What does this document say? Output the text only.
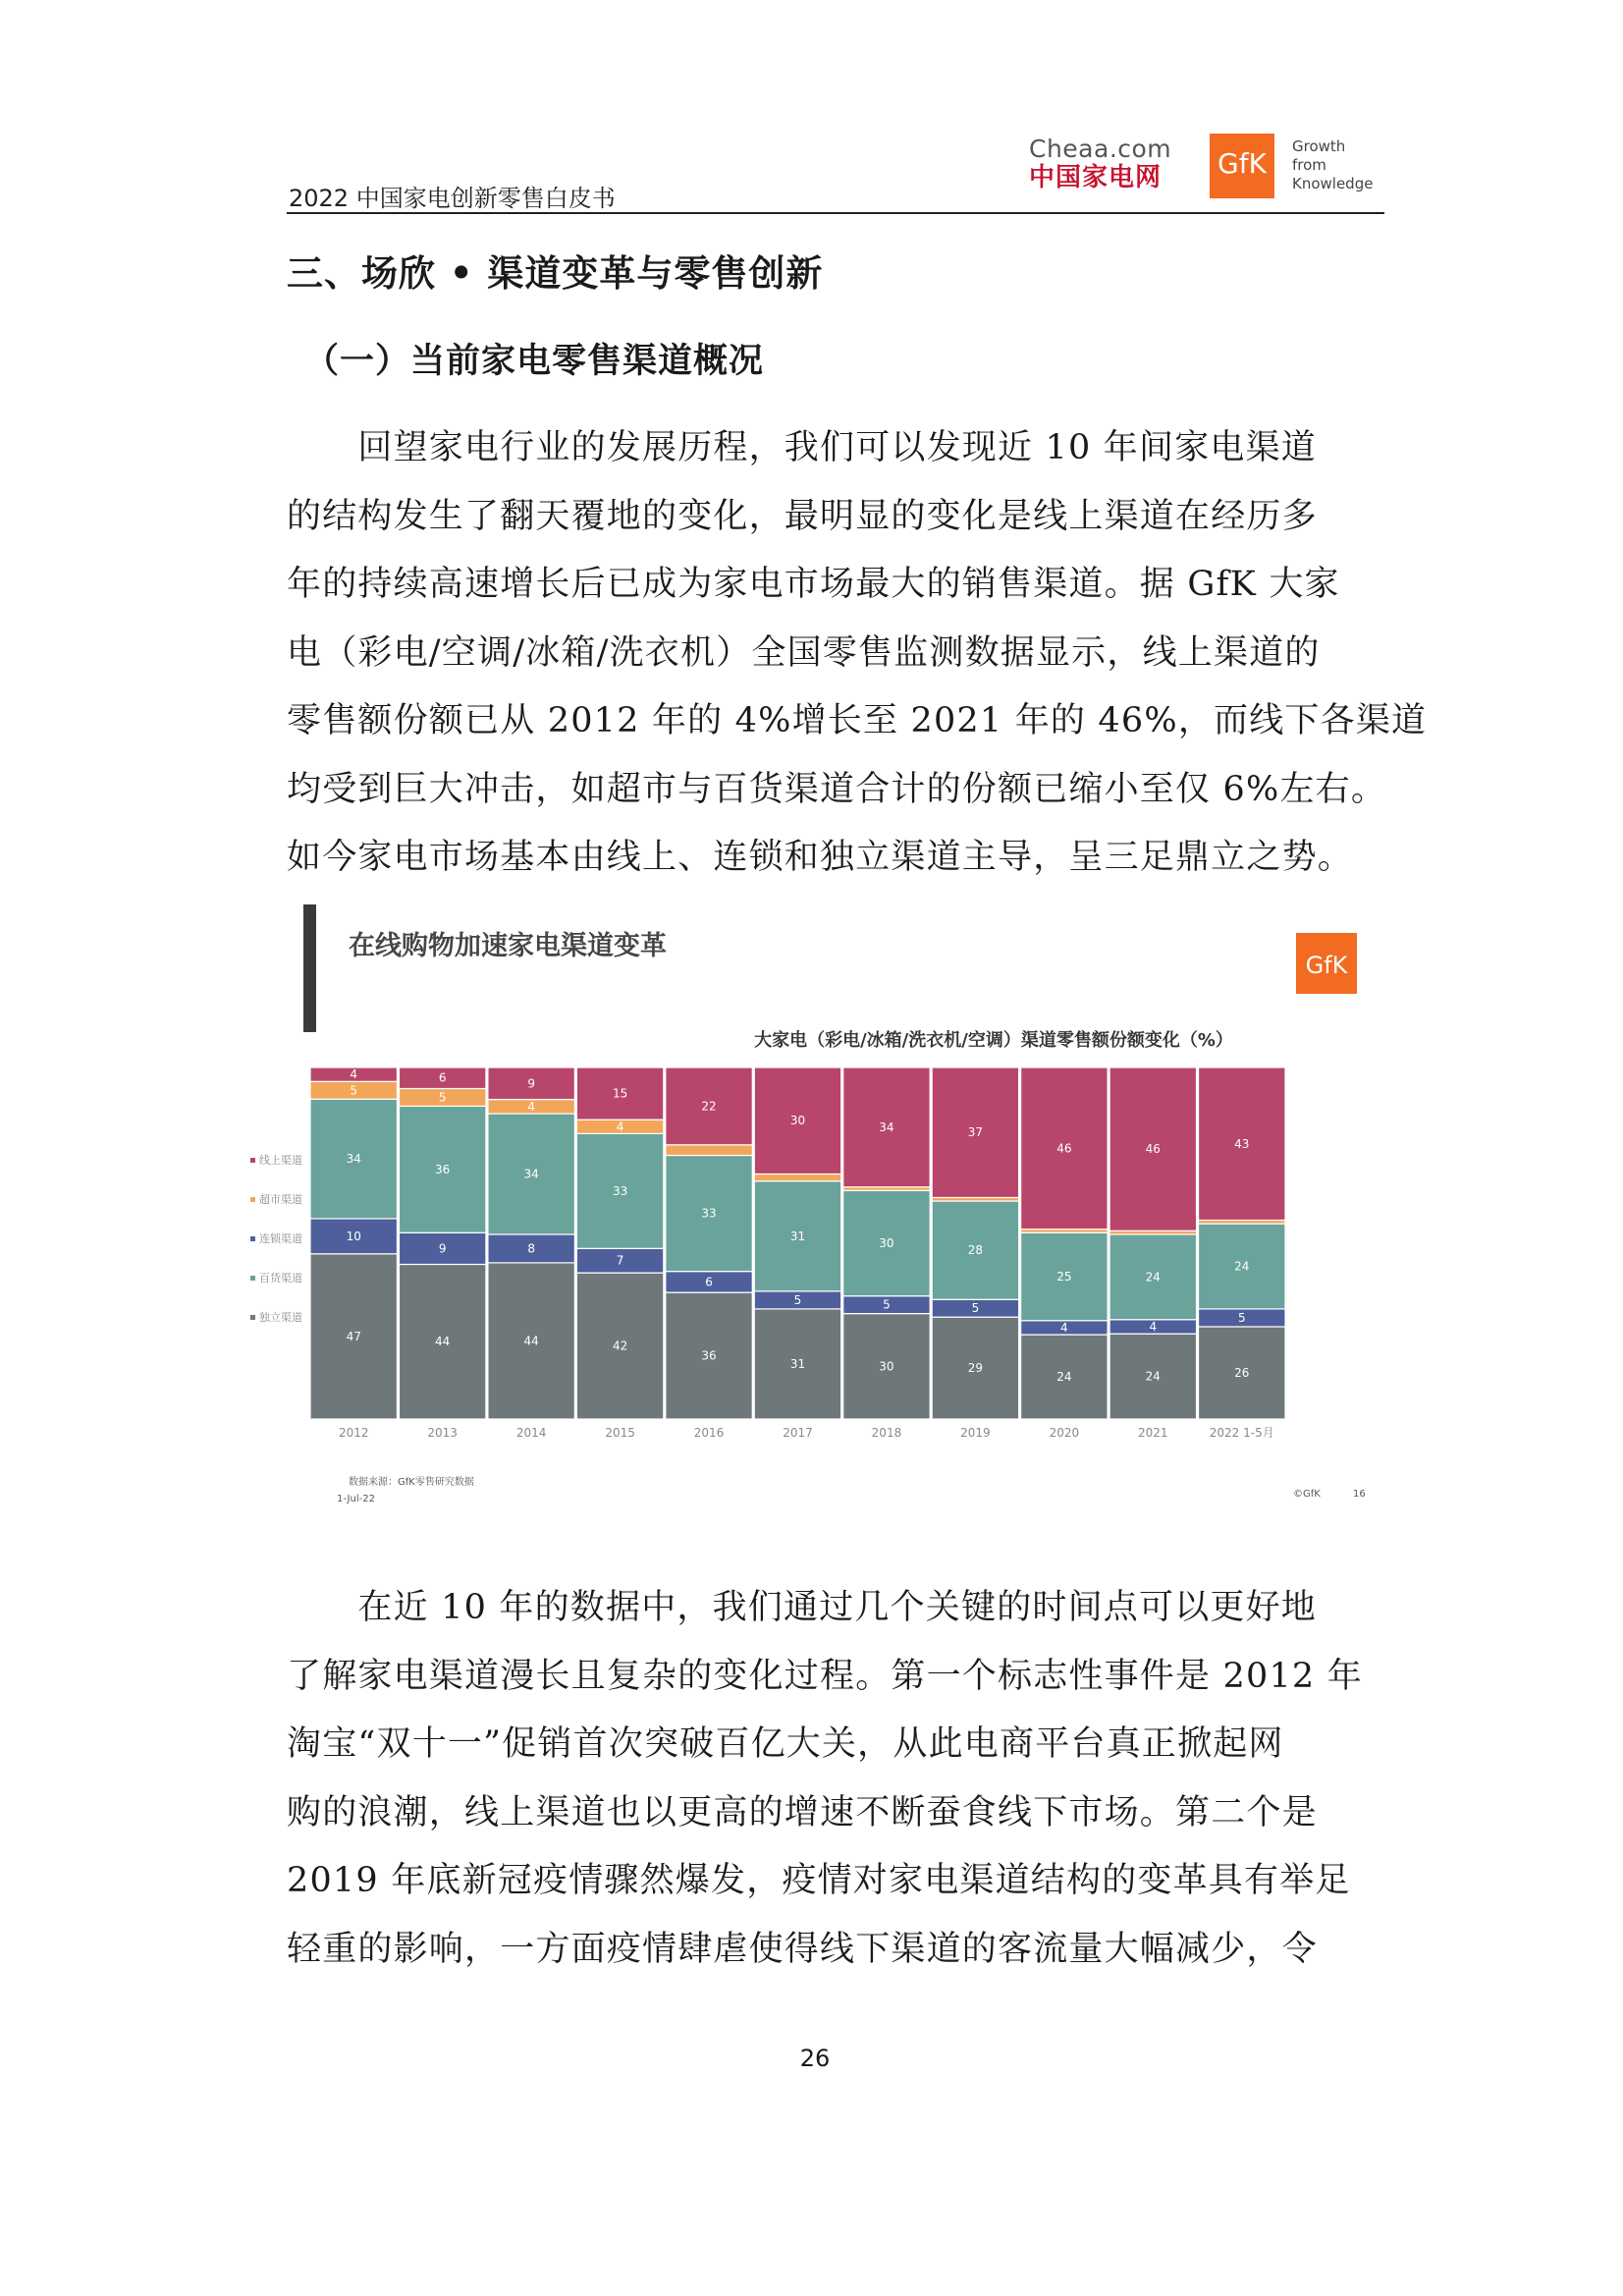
2022 中国家电创新零售白皮书
Cheaa.com
中国家电网	GfK
Growth
from
Knowledge
三、场欣 • 渠道变革与零售创新
（一）当前家电零售渠道概况
　　回望家电行业的发展历程，我们可以发现近 10 年间家电渠道
的结构发生了翻天覆地的变化，最明显的变化是线上渠道在经历多
年的持续高速增长后已成为家电市场最大的销售渠道。据 GfK 大家
电（彩电/空调/冰箱/洗衣机）全国零售监测数据显示，线上渠道的
零售额份额已从 2012 年的 4%增长至 2021 年的 46%，而线下各渠道
均受到巨大冲击，如超市与百货渠道合计的份额已缩小至仅 6%左右。
如今家电市场基本由线上、连锁和独立渠道主导，呈三足鼎立之势。
在线购物加速家电渠道变革
GfK
大家电（彩电/冰箱/洗衣机/空调）渠道零售额份额变化（%）
47
10
34
5
4
44
9
36
5
6
44
8
34
4
9
42
7
33
4
15
36
6
33
22
31
5
31
30
30
5
30
34
29
5
28
37
24
4
25
46
24
4
24
46
26
5
24
43
线上渠道
超市渠道
连锁渠道
百货渠道
独立渠道
2012	2013	2014	2015	2016	2017	2018	2019	2020	2021	2022 1-5月
数据来源：GfK零售研究数据
1-Jul-22	©GfK	16
　　在近 10 年的数据中，我们通过几个关键的时间点可以更好地
了解家电渠道漫长且复杂的变化过程。第一个标志性事件是 2012 年
淘宝“双十一”促销首次突破百亿大关，从此电商平台真正掀起网
购的浪潮，线上渠道也以更高的增速不断蚕食线下市场。第二个是
2019 年底新冠疫情骤然爆发，疫情对家电渠道结构的变革具有举足
轻重的影响，一方面疫情肆虐使得线下渠道的客流量大幅减少，令
26
